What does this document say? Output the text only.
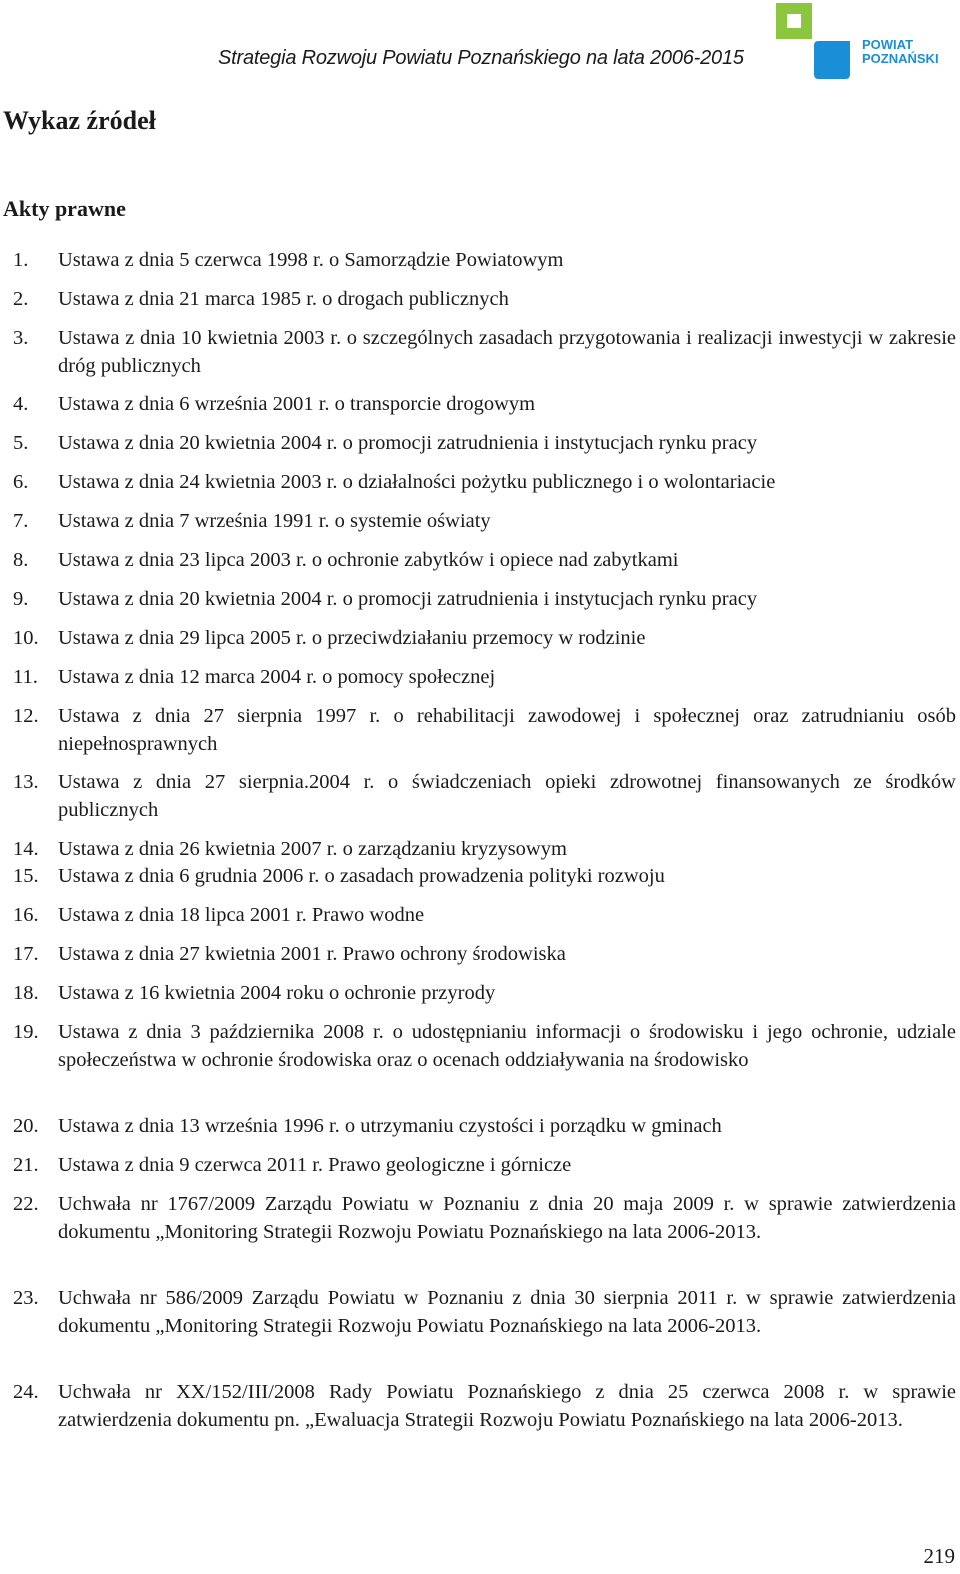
Strategia Rozwoju Powiatu Poznańskiego na lata 2006-2015
POWIAT
POZNAŃSKI
Wykaz źródeł
Akty prawne
1. Ustawa z dnia 5 czerwca 1998 r. o Samorządzie Powiatowym
2. Ustawa z dnia 21 marca 1985 r. o drogach publicznych
3. Ustawa z dnia 10 kwietnia 2003 r. o szczególnych zasadach przygotowania i realizacji inwestycji w zakresie dróg publicznych
4. Ustawa z dnia 6 września 2001 r. o transporcie drogowym
5. Ustawa z dnia 20 kwietnia 2004 r. o promocji zatrudnienia i instytucjach rynku pracy
6. Ustawa z dnia 24 kwietnia 2003 r. o działalności pożytku publicznego i o wolontariacie
7. Ustawa z dnia 7 września 1991 r. o systemie oświaty
8. Ustawa z dnia 23 lipca 2003 r. o ochronie zabytków i opiece nad zabytkami
9. Ustawa z dnia 20 kwietnia 2004 r. o promocji zatrudnienia i instytucjach rynku pracy
10. Ustawa z dnia 29 lipca 2005 r. o przeciwdziałaniu przemocy w rodzinie
11. Ustawa z dnia 12 marca 2004 r. o pomocy społecznej
12. Ustawa z dnia 27 sierpnia 1997 r. o rehabilitacji zawodowej i społecznej oraz zatrudnianiu osób niepełnosprawnych
13. Ustawa z dnia 27 sierpnia.2004 r. o świadczeniach opieki zdrowotnej finansowanych ze środków publicznych
14. Ustawa z dnia 26 kwietnia 2007 r. o zarządzaniu kryzysowym
15. Ustawa z dnia 6 grudnia 2006 r. o zasadach prowadzenia polityki rozwoju
16. Ustawa z dnia 18 lipca 2001 r. Prawo wodne
17. Ustawa z dnia 27 kwietnia 2001 r. Prawo ochrony środowiska
18. Ustawa z 16 kwietnia 2004 roku o ochronie przyrody
19. Ustawa z dnia 3 października 2008 r. o udostępnianiu informacji o środowisku i jego ochronie, udziale społeczeństwa w ochronie środowiska oraz o ocenach oddziaływania na środowisko
20. Ustawa z dnia 13 września 1996 r. o utrzymaniu czystości i porządku w gminach
21. Ustawa z dnia 9 czerwca 2011 r. Prawo geologiczne i górnicze
22. Uchwała nr 1767/2009 Zarządu Powiatu w Poznaniu z dnia 20 maja 2009 r. w sprawie zatwierdzenia dokumentu „Monitoring Strategii Rozwoju Powiatu Poznańskiego na lata 2006-2013.
23. Uchwała nr 586/2009 Zarządu Powiatu w Poznaniu z dnia 30 sierpnia 2011 r. w sprawie zatwierdzenia dokumentu „Monitoring Strategii Rozwoju Powiatu Poznańskiego na lata 2006-2013.
24. Uchwała nr XX/152/III/2008 Rady Powiatu Poznańskiego z dnia 25 czerwca 2008 r. w sprawie zatwierdzenia dokumentu pn. „Ewaluacja Strategii Rozwoju Powiatu Poznańskiego na lata 2006-2013.
219
